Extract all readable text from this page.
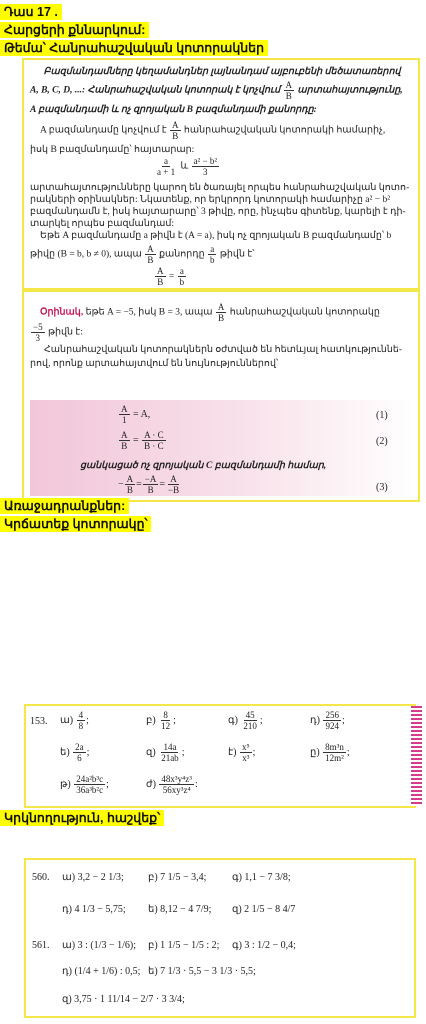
Դաս 17 .
Հարցերի քննարկում:
Թեմա՝ Հանրահաշվական կոտորակներ
Բազմանդամները կեղամանդներ լայնանդամ այբուբենի մեծատառերով
A, B, C, D, ...: Հանրահաշվական կոտորակ է կոչվում $\frac{A}{B}$ արտահայտությունը,
A բազմանդամի և ոչ զրոյական B բազմանդամի քանորդը:
A բազմանդամը կոչվում է $\frac{A}{B}$ հանրահաշվական կոտորակի համարիչ,
իսկ B բազմանդամը՝ հայտարար:
$\frac{a}{a + 1}$ և $\frac{\text{a² − b²}}{3}$
արտահայտությունները կարող են ծառայել որպես հանրահաշվական կոտո-
րակների օրինակներ: Նկատենք, որ երկրորդ կոտորակի համարիչը a² − b²
բազմանդամն է, իսկ հայտարարը՝ 3 թիվը, որը, ինչպես գիտենք, կարելի է դի-
տարկել որպես բազմանդամ:
Եթե A բազմանդամը a թիվն է (A = a), իսկ ոչ զրոյական B բազմանդամը՝ b
թիվը (B = b, b ≠ 0), ապա $\frac{A}{B}$ քանորդը $\frac{a}{b}$ թիվն է՝
$\frac{A}{B} = \frac{a}{b}$
Օրինակ, եթե A = −5, իսկ B = 3, ապա $\frac{A}{B}$ հանրահաշվական կոտորակը
$\frac{-5}{3}$ թիվն է:
Հանրահաշվական կոտորակներն օժտված են հետևյալ հատկություննե-
րով, որոնք արտահայտվում են նույնություններով՝
$\frac{A}{1} = A$,	(1)
$\frac{A}{B} = \frac{A \cdot C}{B \cdot C}$	(2)
ցանկացած ոչ զրոյական C բազմանդամի համար,
− $\frac{A}{B} = \frac{-A}{B} = \frac{A}{-B}$	(3)
Առաջադրանքներ:
Կրճատեք կոտորակը՝
153. ա) $\frac{4}{8}$ ;	բ) $\frac{8}{12}$ ;	գ) $\frac{45}{210}$ ;	դ) $\frac{256}{924}$ ;
ե) $\frac{2a}{6}$ ;	զ) $\frac{14a}{21ab}$ ;	է) $\frac{\text{x⁵}}{\text{x³}}$ ;	ը) $\frac{\text{8m³n}}{\text{12m²}}$ ;
թ) $\frac{\text{24a²b³c}}{\text{36a³b²c}}$ ;	ժ) $\frac{\text{48x³y⁴z³}}{\text{56xy³z⁴}}$ :
Կրկնողություն, հաշվեք՝
560. ա) 3,2 − 2 1/3; բ) 7 1/5 − 3,4;	գ) 1,1 − 7 3/8;
դ) 4 1/3 − 5,75; ե) 8,12 − 4 7/9; զ) 2 1/5 − 8 4/7
561. ա) 3 : (1/3 − 1/6); բ) 1 1/5 − 1/5 : 2; գ) 3 : 1/2 − 0,4;
դ) (1/4 + 1/6) : 0,5; ե) 7 1/3 · 5,5 − 3 1/3 · 5,5;
զ) 3,75 · 1 11/14 − 2/7 · 3 3/4;
